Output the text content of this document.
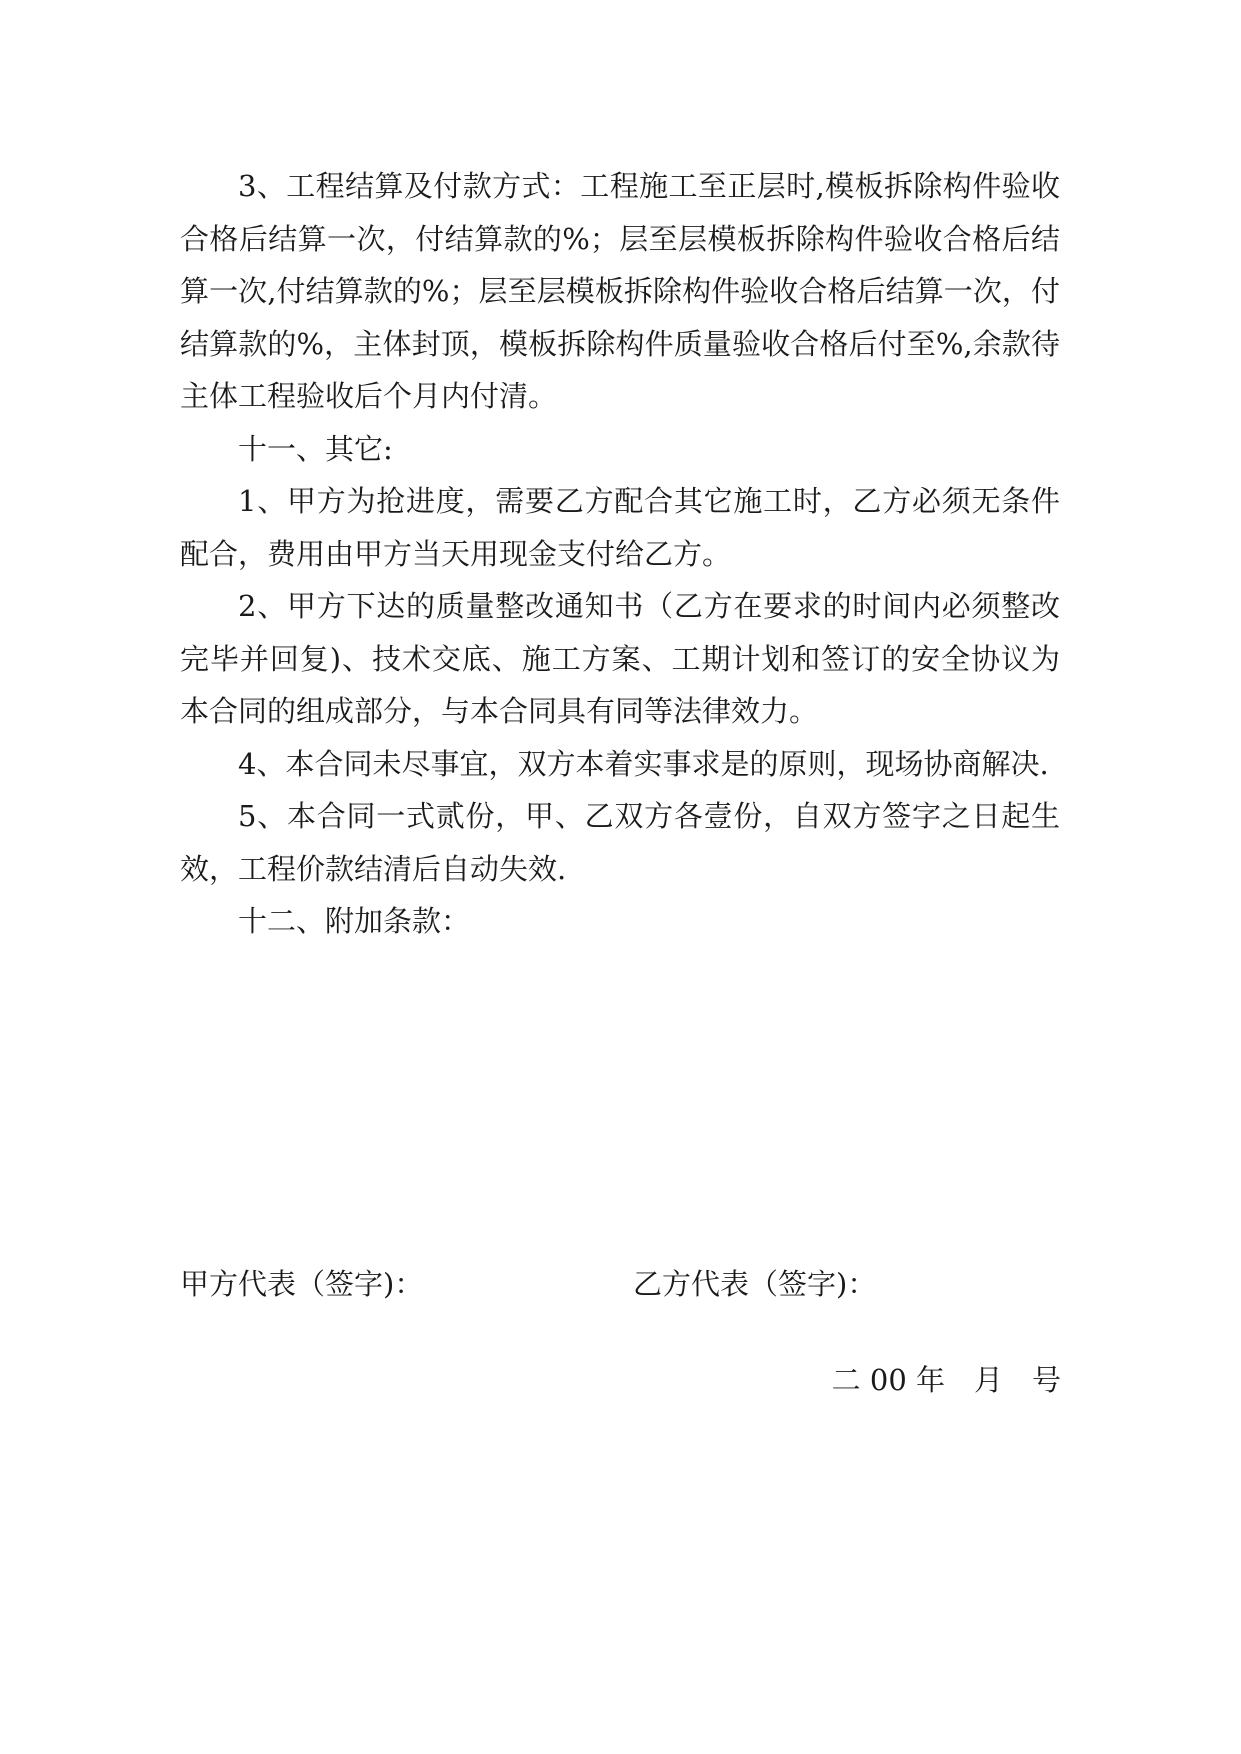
3、工程结算及付款方式：工程施工至正层时,模板拆除构件验收合格后结算一次，付结算款的%；层至层模板拆除构件验收合格后结算一次,付结算款的%；层至层模板拆除构件验收合格后结算一次，付结算款的%，主体封顶，模板拆除构件质量验收合格后付至%,余款待主体工程验收后个月内付清。

十一、其它:

1、甲方为抢进度，需要乙方配合其它施工时，乙方必须无条件配合，费用由甲方当天用现金支付给乙方。

2、甲方下达的质量整改通知书（乙方在要求的时间内必须整改完毕并回复)、技术交底、施工方案、工期计划和签订的安全协议为本合同的组成部分，与本合同具有同等法律效力。

4、本合同未尽事宜，双方本着实事求是的原则，现场协商解决.

5、本合同一式贰份，甲、乙双方各壹份，自双方签字之日起生效，工程价款结清后自动失效.

十二、附加条款：

甲方代表（签字)：	乙方代表（签字)：
二 00 年　月　号
